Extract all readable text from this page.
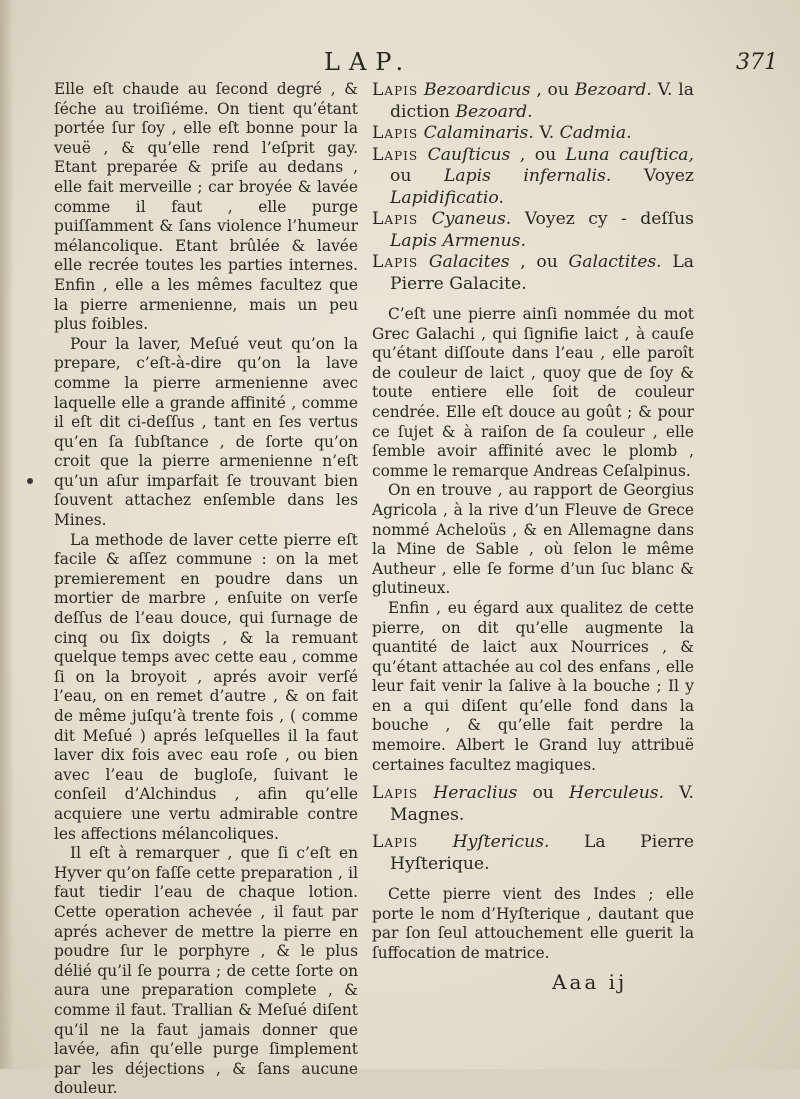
LAP.	371

Elle eſt chaude au ſecond degré , & ſéche au troiſiéme. On tient qu’étant portée ſur ſoy , elle eſt bonne pour la veuë , & qu’elle rend l’eſprit gay. Etant preparée & priſe au dedans , elle fait merveille ; car broyée & lavée comme il faut , elle purge puiſſamment & ſans violence l’humeur mélancolique. Etant brûlée & lavée elle recrée toutes les parties internes. Enfin , elle a les mêmes facultez que la pierre armenienne, mais un peu plus foibles.

Pour la laver, Meſué veut qu’on la prepare, c’eſt-à-dire qu’on la lave comme la pierre armenienne avec laquelle elle a grande affinité , comme il eſt dit ci-deſſus , tant en ſes vertus qu’en ſa ſubſtance , de ſorte qu’on croit que la pierre armenienne n’eſt qu’un aſur imparfait ſe trouvant bien ſouvent attachez enſemble dans les Mines.

La methode de laver cette pierre eſt facile & aſſez commune : on la met premierement en poudre dans un mortier de marbre , enſuite on verſe deſſus de l’eau douce, qui ſurnage de cinq ou ſix doigts , & la remuant quelque temps avec cette eau , comme ſi on la broyoit , aprés avoir verſé l’eau, on en remet d’autre , & on fait de même juſqu’à trente fois , ( comme dit Meſué ) aprés leſquelles il la faut laver dix fois avec eau roſe , ou bien avec l’eau de bugloſe, ſuivant le conſeil d’Alchindus , afin qu’elle acquiere une vertu admirable contre les affections mélancoliques.

Il eſt à remarquer , que ſi c’eſt en Hyver qu’on faſſe cette preparation , il faut tiedir l’eau de chaque lotion. Cette operation achevée , il faut par aprés achever de mettre la pierre en poudre ſur le porphyre , & le plus délié qu’il ſe pourra ; de cette ſorte on aura une preparation complete , & comme il faut. Trallian & Meſué diſent qu’il ne la faut jamais donner que lavée, afin qu’elle purge ſimplement par les déjections , & ſans aucune douleur.

Lapis Bezoardicus , ou Bezoard. V. la diction Bezoard.

Lapis Calaminaris. V. Cadmia.

Lapis Cauſticus , ou Luna cauſtica, ou Lapis infernalis. Voyez Lapidificatio.

Lapis Cyaneus. Voyez cy - deſſus Lapis Armenus.

Lapis Galacites , ou Galactites. La Pierre Galacite.

C’eſt une pierre ainſi nommée du mot Grec Galachi , qui ſignifie laict , à cauſe qu’étant diſſoute dans l’eau , elle paroît de couleur de laict , quoy que de ſoy & toute entiere elle ſoit de couleur cendrée. Elle eſt douce au goût ; & pour ce ſujet & à raiſon de ſa couleur , elle ſemble avoir affinité avec le plomb , comme le remarque Andreas Ceſalpinus.

On en trouve , au rapport de Georgius Agricola , à la rive d’un Fleuve de Grece nommé Acheloüs , & en Allemagne dans la Mine de Sable , où ſelon le même Autheur , elle ſe forme d’un ſuc blanc & glutineux.

Enfin , eu égard aux qualitez de cette pierre, on dit qu’elle augmente la quantité de laict aux Nourrices , & qu’étant attachée au col des enfans , elle leur fait venir la ſalive à la bouche ; Il y en a qui diſent qu’elle fond dans la bouche , & qu’elle fait perdre la memoire. Albert le Grand luy attribuë certaines facultez magiques.

Lapis Heraclius ou Herculeus. V. Magnes.

Lapis Hyſtericus. La Pierre Hyſterique.

Cette pierre vient des Indes ; elle porte le nom d’Hyſterique , dautant que par ſon ſeul attouchement elle guerit la ſuffocation de matrice.

Aaa ij
